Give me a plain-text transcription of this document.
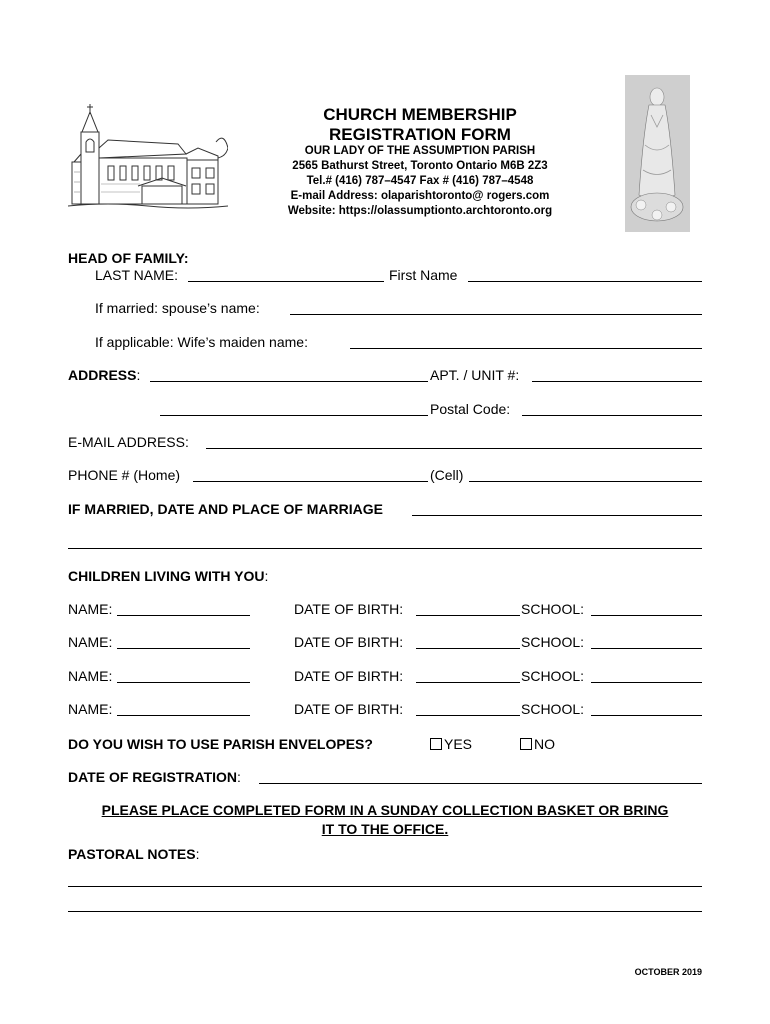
CHURCH MEMBERSHIP
REGISTRATION FORM
OUR LADY OF THE ASSUMPTION PARISH
2565 Bathurst Street, Toronto Ontario M6B 2Z3
Tel.# (416) 787–4547 Fax # (416) 787–4548
E-mail Address: olaparishtoronto@ rogers.com
Website: https://olassumptionto.archtoronto.org
HEAD OF FAMILY:
LAST NAME:	First Name
If married: spouse’s name:
If applicable: Wife’s maiden name:
ADDRESS:	APT. / UNIT #:
Postal Code:
E-MAIL ADDRESS:
PHONE # (Home)	(Cell)
IF MARRIED, DATE AND PLACE OF MARRIAGE
CHILDREN LIVING WITH YOU:
NAME:	DATE OF BIRTH:	SCHOOL:
NAME:	DATE OF BIRTH:	SCHOOL:
NAME:	DATE OF BIRTH:	SCHOOL:
NAME:	DATE OF BIRTH:	SCHOOL:
DO YOU WISH TO USE PARISH ENVELOPES?	YES	NO
DATE OF REGISTRATION:
PLEASE PLACE COMPLETED FORM IN A SUNDAY COLLECTION BASKET OR BRING
IT TO THE OFFICE.
PASTORAL NOTES:
OCTOBER 2019
